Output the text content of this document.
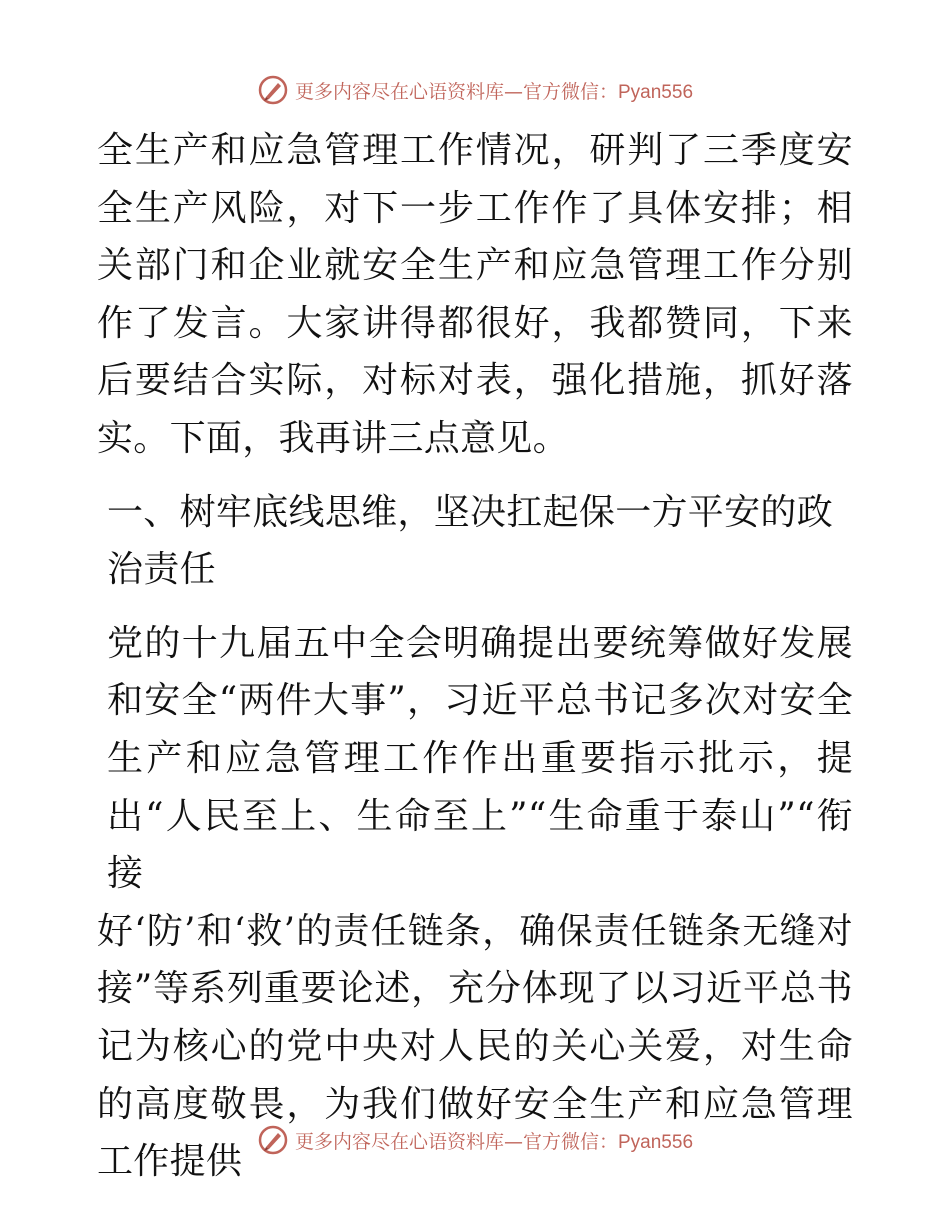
更多内容尽在心语资料库—官方微信：Pyan556

全生产和应急管理工作情况，研判了三季度安全生产风险，对下一步工作作了具体安排；相关部门和企业就安全生产和应急管理工作分别作了发言。大家讲得都很好，我都赞同，下来后要结合实际，对标对表，强化措施，抓好落实。下面，我再讲三点意见。

一、树牢底线思维，坚决扛起保一方平安的政治责任

党的十九届五中全会明确提出要统筹做好发展和安全“两件大事”，习近平总书记多次对安全生产和应急管理工作作出重要指示批示，提出“人民至上、生命至上”“生命重于泰山”“衔接

好‘防’和‘救’的责任链条，确保责任链条无缝对接”等系列重要论述，充分体现了以习近平总书记为核心的党中央对人民的关心关爱，对生命的高度敬畏，为我们做好安全生产和应急管理工作提供	更多内容尽在心语资料库—官方微信：Pyan556
